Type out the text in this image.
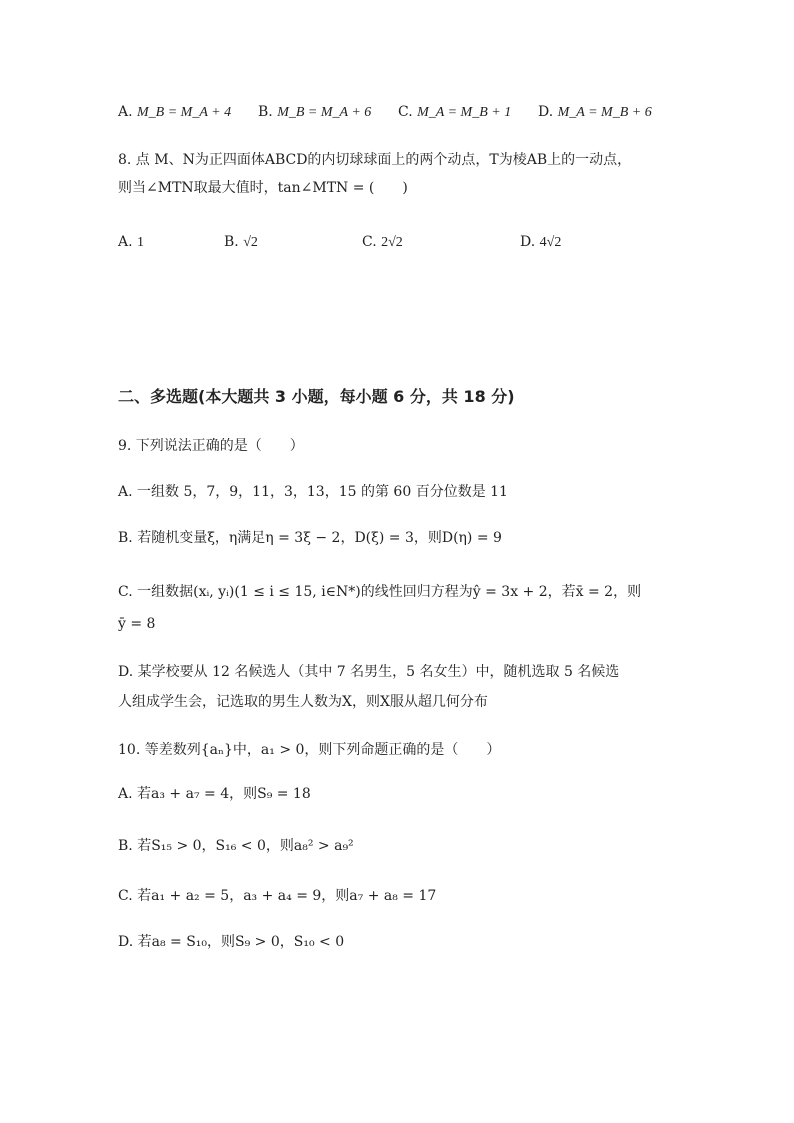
A. M_B = M_A + 4 B. M_B = M_A + 6 C. M_A = M_B + 1 D. M_A = M_B + 6
8. 点 M、N为正四面体ABCD的内切球球面上的两个动点，T为棱AB上的一动点，
则当∠MTN取最大值时，tan∠MTN = (　　)
A. 1	B. √2	C. 2√2	D. 4√2
二、多选题(本大题共 3 小题，每小题 6 分，共 18 分)
9. 下列说法正确的是（　　）
A. 一组数 5，7，9，11，3，13，15 的第 60 百分位数是 11
B. 若随机变量ξ，η满足η = 3ξ − 2，D(ξ) = 3，则D(η) = 9
C. 一组数据(xᵢ, yᵢ)(1 ≤ i ≤ 15, i∈N*)的线性回归方程为ŷ = 3x + 2，若x̄ = 2，则
ȳ = 8
D. 某学校要从 12 名候选人（其中 7 名男生，5 名女生）中，随机选取 5 名候选
人组成学生会，记选取的男生人数为X，则X服从超几何分布
10. 等差数列{aₙ}中，a₁ > 0，则下列命题正确的是（　　）
A. 若a₃ + a₇ = 4，则S₉ = 18
B. 若S₁₅ > 0，S₁₆ < 0，则a₈² > a₉²
C. 若a₁ + a₂ = 5，a₃ + a₄ = 9，则a₇ + a₈ = 17
D. 若a₈ = S₁₀，则S₉ > 0，S₁₀ < 0
